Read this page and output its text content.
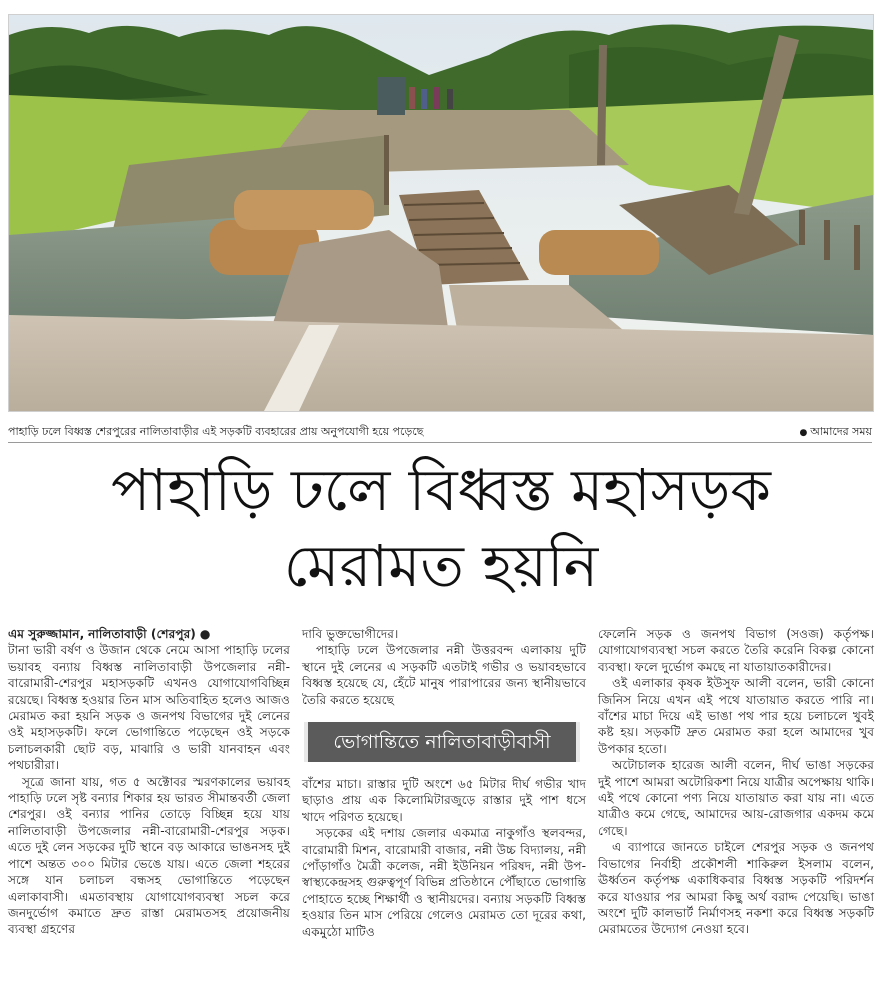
পাহাড়ি ঢলে বিধ্বস্ত শেরপুরের নালিতাবাড়ীর এই সড়কটি ব্যবহারের প্রায় অনুপযোগী হয়ে পড়েছে
●	আমাদের সময়
পাহাড়ি ঢলে বিধ্বস্ত মহাসড়ক
মেরামত হয়নি

এম সুরুজ্জামান, নালিতাবাড়ী (শেরপুর) ●

টানা ভারী বর্ষণ ও উজান থেকে নেমে আসা পাহাড়ি ঢলের ভয়াবহ বন্যায় বিধ্বস্ত নালিতাবাড়ী উপজেলার নন্নী-বারোমারী-শেরপুর মহাসড়কটি এখনও যোগাযোগবিচ্ছিন্ন রয়েছে। বিধ্বস্ত হওয়ার তিন মাস অতিবাহিত হলেও আজও মেরামত করা হয়নি সড়ক ও জনপথ বিভাগের দুই লেনের ওই মহাসড়কটি। ফলে ভোগান্তিতে পড়েছেন ওই সড়কে চলাচলকারী ছোট বড়, মাঝারি ও ভারী যানবাহন এবং পথচারীরা।

সূত্রে জানা যায়, গত ৫ অক্টোবর স্মরণকালের ভয়াবহ পাহাড়ি ঢলে সৃষ্ট বন্যার শিকার হয় ভারত সীমান্তবর্তী জেলা শেরপুর। ওই বন্যার পানির তোড়ে বিচ্ছিন্ন হয়ে যায় নালিতাবাড়ী উপজেলার নন্নী-বারোমারী-শেরপুর সড়ক। এতে দুই লেন সড়কের দুটি স্থানে বড় আকারে ভাঙনসহ দুই পাশে অন্তত ৩০০ মিটার ভেঙে যায়। এতে জেলা শহরের সঙ্গে যান চলাচল বন্ধসহ ভোগান্তিতে পড়েছেন এলাকাবাসী। এমতাবস্থায় যোগাযোগব্যবস্থা সচল করে জনদুর্ভোগ কমাতে দ্রুত রাস্তা মেরামতসহ প্রয়োজনীয় ব্যবস্থা গ্রহণের

দাবি ভুক্তভোগীদের।

পাহাড়ি ঢলে উপজেলার নন্নী উত্তরবন্দ এলাকায় দুটি স্থানে দুই লেনের এ সড়কটি এতটাই গভীর ও ভয়াবহভাবে বিধ্বস্ত হয়েছে যে, হেঁটে মানুষ পারাপারের জন্য স্থানীয়ভাবে তৈরি করতে হয়েছে

ভোগান্তিতে নালিতাবাড়ীবাসী

বাঁশের মাচা। রাস্তার দুটি অংশে ৬৫ মিটার দীর্ঘ গভীর খাদ ছাড়াও প্রায় এক কিলোমিটারজুড়ে রাস্তার দুই পাশ ধসে খাদে পরিণত হয়েছে।

সড়কের এই দশায় জেলার একমাত্র নাকুগাঁও স্থলবন্দর, বারোমারী মিশন, বারোমারী বাজার, নন্নী উচ্চ বিদ্যালয়, নন্নী পোঁড়াগাঁও মৈত্রী কলেজ, নন্নী ইউনিয়ন পরিষদ, নন্নী উপ-স্বাস্থ্যকেন্দ্রসহ গুরুত্বপূর্ণ বিভিন্ন প্রতিষ্ঠানে পৌঁছাতে ভোগান্তি পোহাতে হচ্ছে শিক্ষার্থী ও স্থানীয়দের। বন্যায় সড়কটি বিধ্বস্ত হওয়ার তিন মাস পেরিয়ে গেলেও মেরামত তো দূরের কথা, একমুঠো মাটিও

ফেলেনি সড়ক ও জনপথ বিভাগ (সওজ) কর্তৃপক্ষ। যোগাযোগব্যবস্থা সচল করতে তৈরি করেনি বিকল্প কোনো ব্যবস্থা। ফলে দুর্ভোগ কমছে না যাতায়াতকারীদের।

ওই এলাকার কৃষক ইউসুফ আলী বলেন, ভারী কোনো জিনিস নিয়ে এখন এই পথে যাতায়াত করতে পারি না। বাঁশের মাচা দিয়ে এই ভাঙা পথ পার হয়ে চলাচলে খুবই কষ্ট হয়। সড়কটি দ্রুত মেরামত করা হলে আমাদের খুব উপকার হতো।

অটোচালক হারেজ আলী বলেন, দীর্ঘ ভাঙা সড়কের দুই পাশে আমরা অটোরিকশা নিয়ে যাত্রীর অপেক্ষায় থাকি। এই পথে কোনো পণ্য নিয়ে যাতায়াত করা যায় না। এতে যাত্রীও কমে গেছে, আমাদের আয়-রোজগার একদম কমে গেছে।

এ ব্যাপারে জানতে চাইলে শেরপুর সড়ক ও জনপথ বিভাগের নির্বাহী প্রকৌশলী শাকিরুল ইসলাম বলেন, ঊর্ধ্বতন কর্তৃপক্ষ একাধিকবার বিধ্বস্ত সড়কটি পরিদর্শন করে যাওয়ার পর আমরা কিছু অর্থ বরাদ্দ পেয়েছি। ভাঙা অংশে দুটি কালভার্ট নির্মাণসহ নকশা করে বিধ্বস্ত সড়কটি মেরামতের উদ্যোগ নেওয়া হবে।
